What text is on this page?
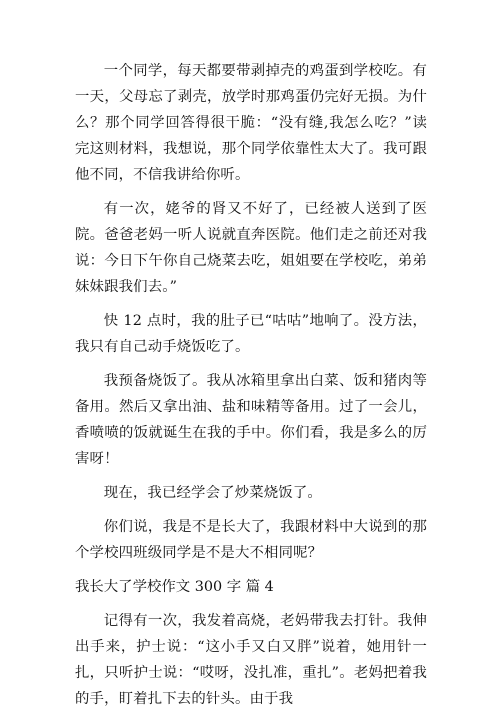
一个同学，每天都要带剥掉壳的鸡蛋到学校吃。有一天，父母忘了剥壳，放学时那鸡蛋仍完好无损。为什么？那个同学回答得很干脆：“没有缝,我怎么吃？”读完这则材料，我想说，那个同学依靠性太大了。我可跟他不同，不信我讲给你听。

有一次，姥爷的肾又不好了，已经被人送到了医院。爸爸老妈一听人说就直奔医院。他们走之前还对我说：今日下午你自己烧菜去吃，姐姐要在学校吃，弟弟妹妹跟我们去。”

快 12 点时，我的肚子已“咕咕”地响了。没方法，我只有自己动手烧饭吃了。

我预备烧饭了。我从冰箱里拿出白菜、饭和猪肉等备用。然后又拿出油、盐和味精等备用。过了一会儿，香喷喷的饭就诞生在我的手中。你们看，我是多么的厉害呀！

现在，我已经学会了炒菜烧饭了。

你们说，我是不是长大了，我跟材料中大说到的那个学校四班级同学是不是大不相同呢？

我长大了学校作文 300 字 篇 4

记得有一次，我发着高烧，老妈带我去打针。我伸出手来，护士说：“这小手又白又胖”说着，她用针一扎，只听护士说：“哎呀，没扎准，重扎”。老妈把着我的手，盯着扎下去的针头。由于我
